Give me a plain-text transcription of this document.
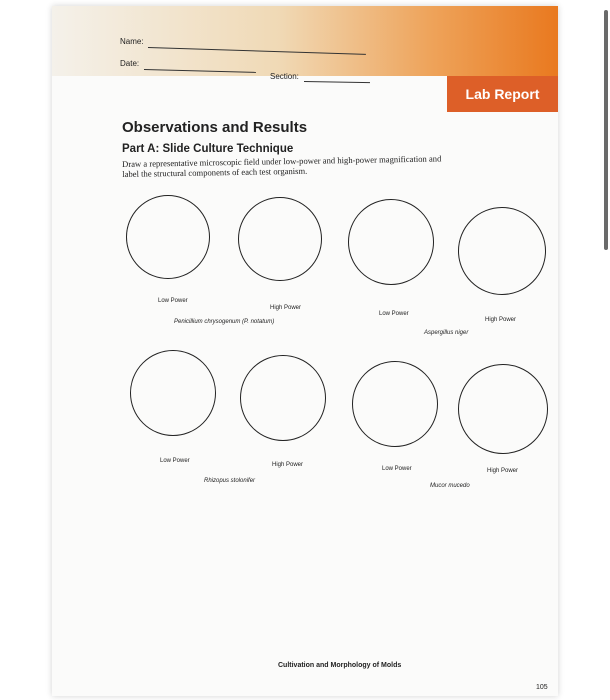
Lab Report
Name:
Date:
Section:
Observations and Results
Part A: Slide Culture Technique
Draw a representative microscopic field under low-power and high-power magnification and label the structural components of each test organism.
Low Power
High Power
Low Power
High Power
Penicillium chrysogenum (P. notatum)
Aspergillus niger
Low Power
High Power
Low Power	High Power
Rhizopus stolonifer
Mucor mucedo
Cultivation and Morphology of Molds
105
